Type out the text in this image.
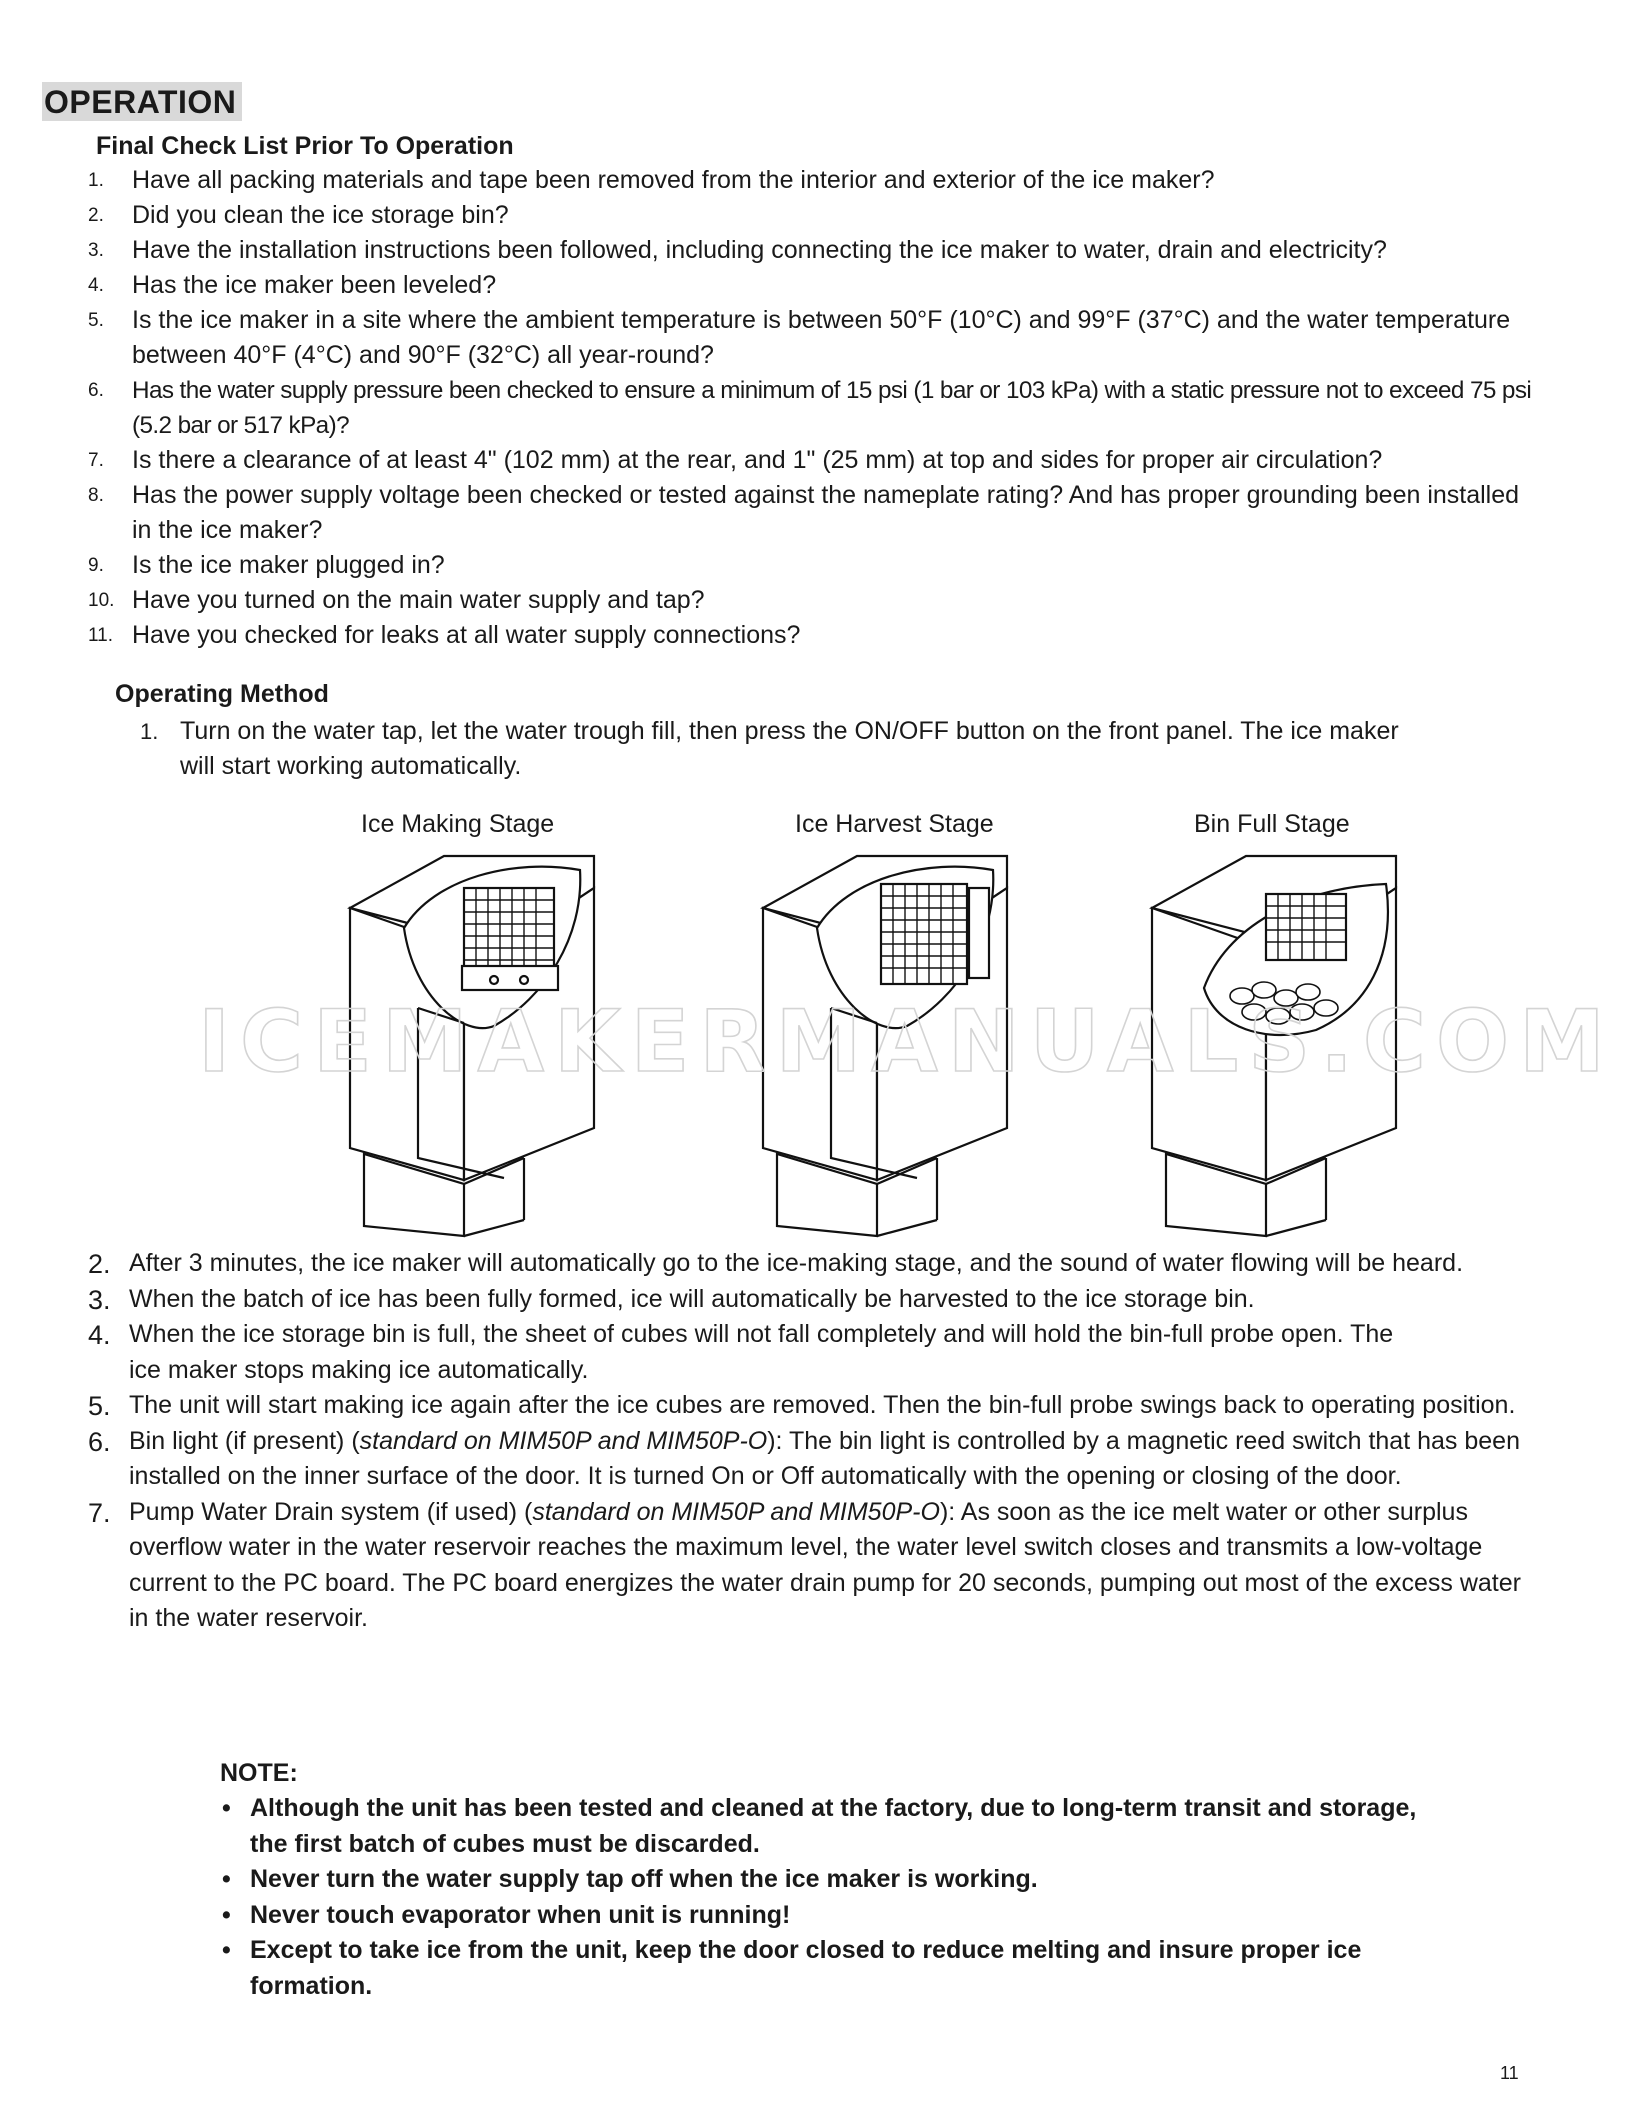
OPERATION
Final Check List Prior To Operation
1. Have all packing materials and tape been removed from the interior and exterior of the ice maker?
2. Did you clean the ice storage bin?
3. Have the installation instructions been followed, including connecting the ice maker to water, drain and electricity?
4. Has the ice maker been leveled?
5. Is the ice maker in a site where the ambient temperature is between 50°F (10°C) and 99°F (37°C) and the water temperature between 40°F (4°C) and 90°F (32°C) all year-round?
6. Has the water supply pressure been checked to ensure a minimum of 15 psi (1 bar or 103 kPa) with a static pressure not to exceed 75 psi (5.2 bar or 517 kPa)?
7. Is there a clearance of at least 4" (102 mm) at the rear, and 1" (25 mm) at top and sides for proper air circulation?
8. Has the power supply voltage been checked or tested against the nameplate rating? And has proper grounding been installed in the ice maker?
9. Is the ice maker plugged in?
10. Have you turned on the main water supply and tap?
11. Have you checked for leaks at all water supply connections?
Operating Method
1. Turn on the water tap, let the water trough fill, then press the ON/OFF button on the front panel. The ice maker will start working automatically.
Ice Making Stage	Ice Harvest Stage	Bin Full Stage
ICEMAKERMANUALS.COM
2. After 3 minutes, the ice maker will automatically go to the ice-making stage, and the sound of water flowing will be heard.
3. When the batch of ice has been fully formed, ice will automatically be harvested to the ice storage bin.
4. When the ice storage bin is full, the sheet of cubes will not fall completely and will hold the bin-full probe open. The ice maker stops making ice automatically.
5. The unit will start making ice again after the ice cubes are removed. Then the bin-full probe swings back to operating position.
6. Bin light (if present) (standard on MIM50P and MIM50P-O): The bin light is controlled by a magnetic reed switch that has been installed on the inner surface of the door. It is turned On or Off automatically with the opening or closing of the door.
7. Pump Water Drain system (if used) (standard on MIM50P and MIM50P-O): As soon as the ice melt water or other surplus overflow water in the water reservoir reaches the maximum level, the water level switch closes and transmits a low-voltage current to the PC board. The PC board energizes the water drain pump for 20 seconds, pumping out most of the excess water in the water reservoir.
NOTE:
• Although the unit has been tested and cleaned at the factory, due to long-term transit and storage, the first batch of cubes must be discarded.
• Never turn the water supply tap off when the ice maker is working.
• Never touch evaporator when unit is running!
• Except to take ice from the unit, keep the door closed to reduce melting and insure proper ice formation.
11
